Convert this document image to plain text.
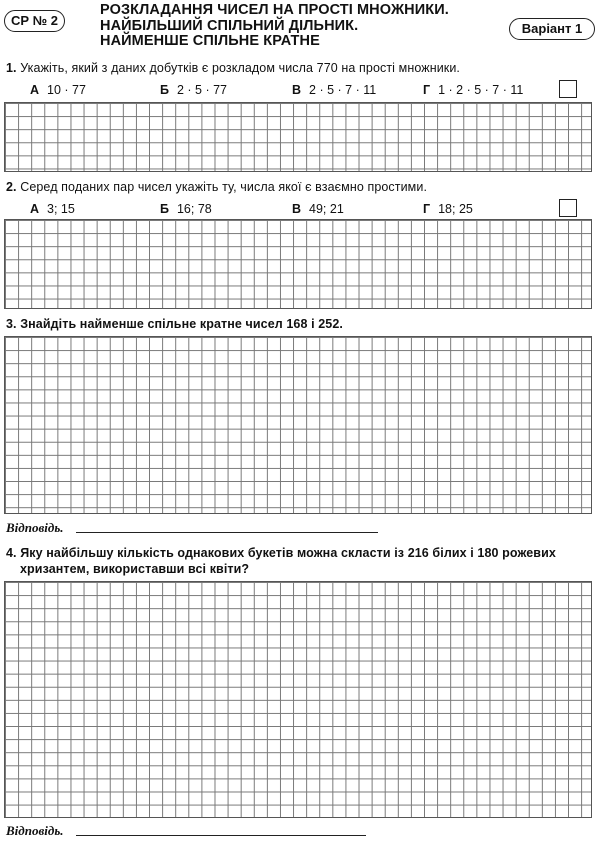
СР № 2
РОЗКЛАДАННЯ ЧИСЕЛ НА ПРОСТІ МНОЖНИКИ.
НАЙБІЛЬШИЙ СПІЛЬНИЙ ДІЛЬНИК.
НАЙМЕНШЕ СПІЛЬНЕ КРАТНЕ
Варіант 1
1. Укажіть, який з даних добутків є розкладом числа 770 на прості множники.
А 10 · 77	Б 2 · 5 · 77	В 2 · 5 · 7 · 11	Г 1 · 2 · 5 · 7 · 11
2. Серед поданих пар чисел укажіть ту, числа якої є взаємно простими.
А 3; 15	Б 16; 78	В 49; 21	Г 18; 25
3. Знайдіть найменше спільне кратне чисел 168 і 252.
Відповідь.
4. Яку найбільшу кількість однакових букетів можна скласти із 216 білих і 180 рожевих
хризантем, використавши всі квіти?
Відповідь.
